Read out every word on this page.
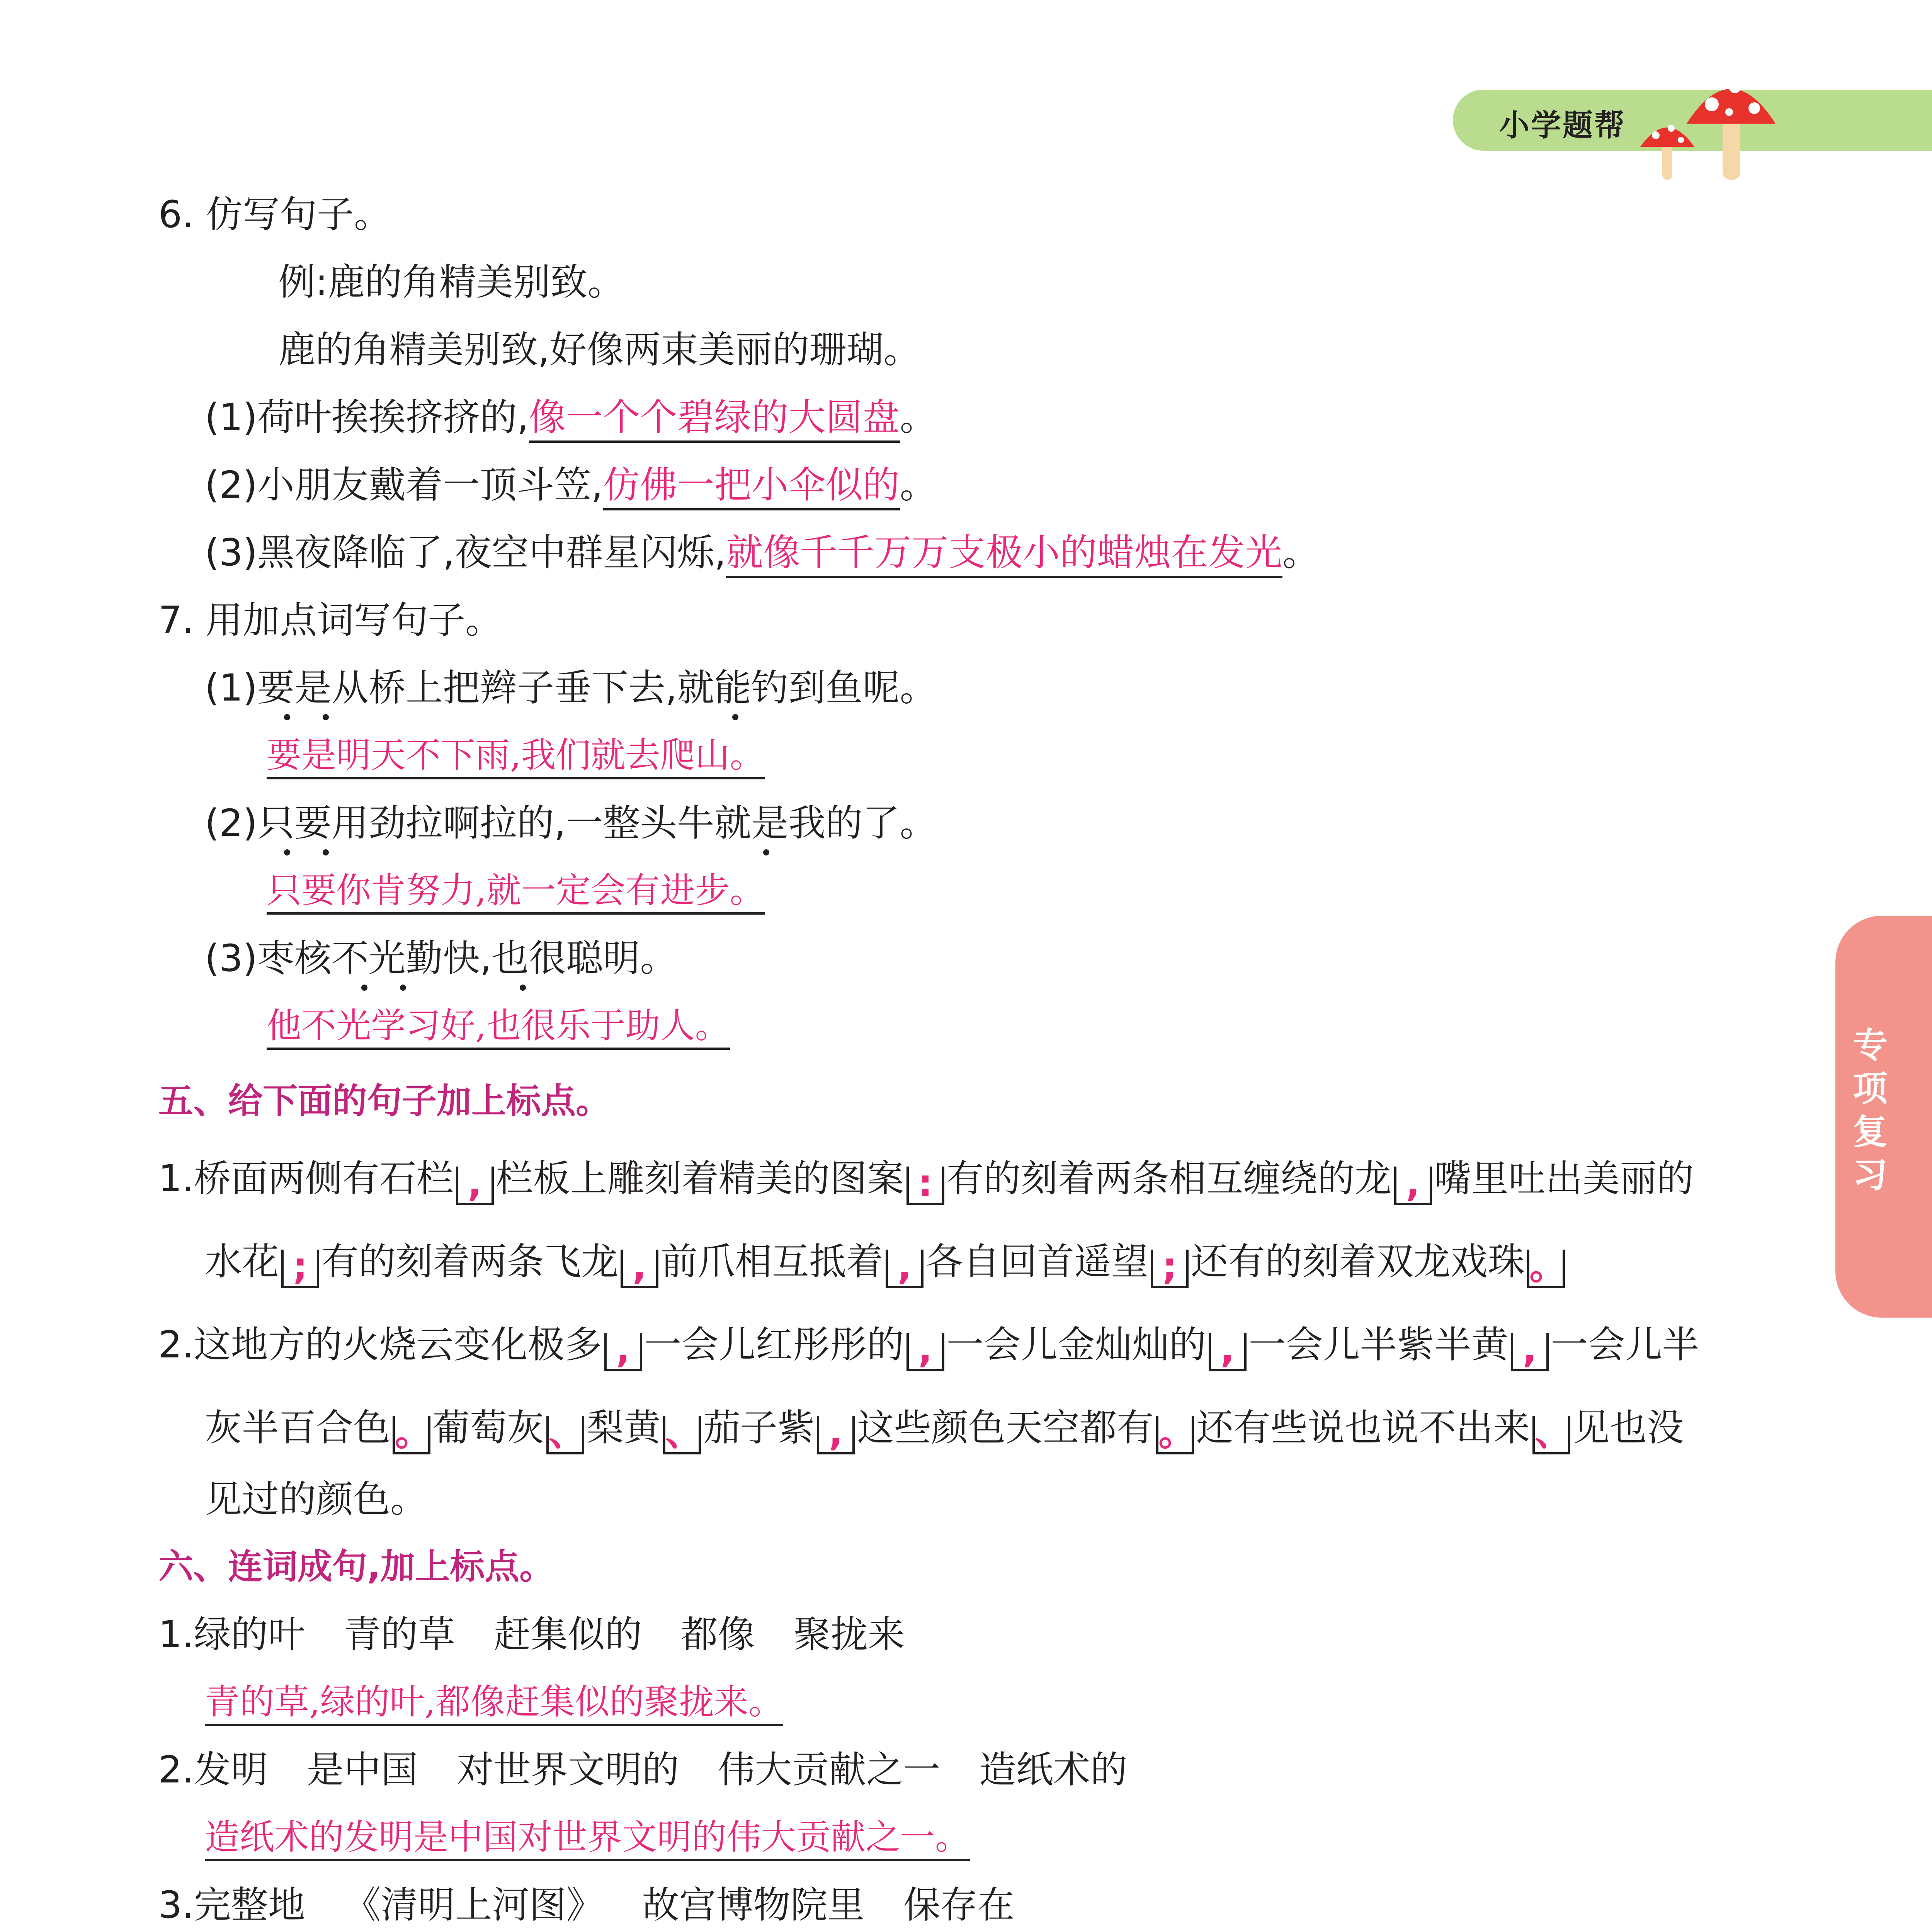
小学题帮
专项复习
6. 仿写句子。
例:鹿的角精美别致。
鹿的角精美别致,好像两束美丽的珊瑚。
(1)荷叶挨挨挤挤的,像一个个碧绿的大圆盘。
(2)小朋友戴着一顶斗笠,仿佛一把小伞似的。
(3)黑夜降临了,夜空中群星闪烁,就像千千万万支极小的蜡烛在发光。
7. 用加点词写句子。
(1)要是从桥上把辫子垂下去,就能钓到鱼呢。
要是明天不下雨,我们就去爬山。
(2)只要用劲拉啊拉的,一整头牛就是我的了。
只要你肯努力,就一定会有进步。
(3)枣核不光勤快,也很聪明。
他不光学习好,也很乐于助人。
五、给下面的句子加上标点。
1.桥面两侧有石栏 , 栏板上雕刻着精美的图案 : 有的刻着两条相互缠绕的龙 , 嘴里吐出美丽的
水花 ; 有的刻着两条飞龙 , 前爪相互抵着 , 各自回首遥望 ; 还有的刻着双龙戏珠 。
2.这地方的火烧云变化极多 , 一会儿红彤彤的 , 一会儿金灿灿的 , 一会儿半紫半黄 , 一会儿半
灰半百合色 。葡萄灰 、梨黄 、茄子紫 , 这些颜色天空都有 。还有些说也说不出来 、见也没
见过的颜色。
六、连词成句,加上标点。
1.绿的叶 青的草 赶集似的 都像 聚拢来
青的草,绿的叶,都像赶集似的聚拢来。
2.发明 是中国 对世界文明的 伟大贡献之一 造纸术的
造纸术的发明是中国对世界文明的伟大贡献之一。
3.完整地 《清明上河图》 故宫博物院里 保存在
